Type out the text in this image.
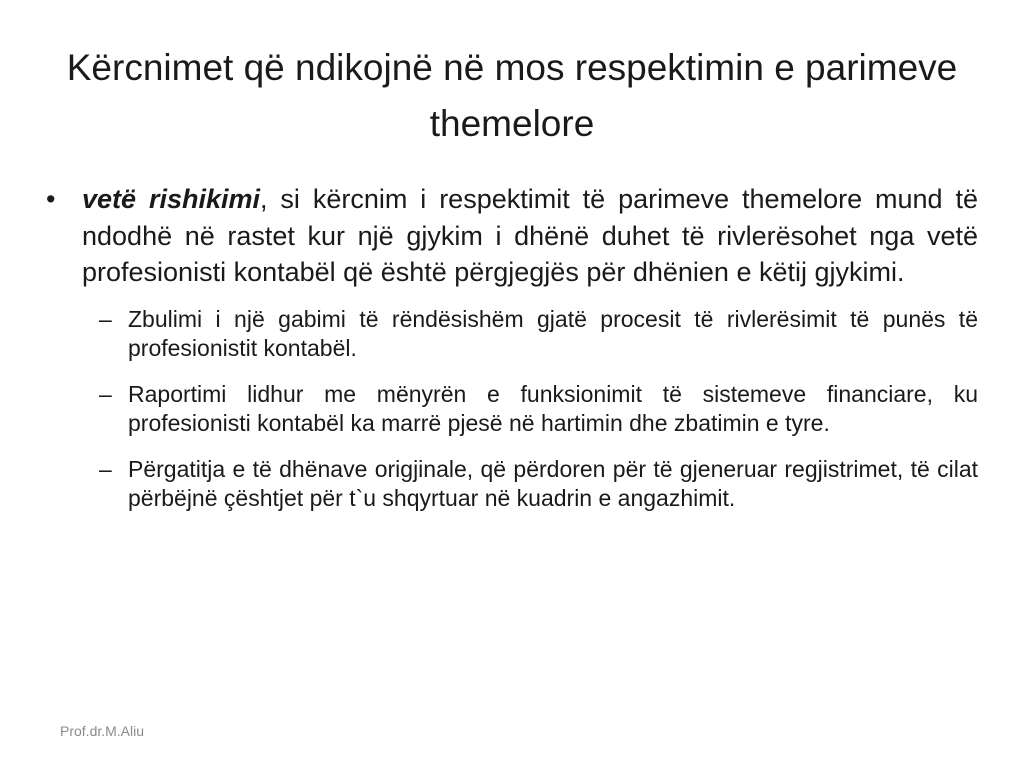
Kërcnimet që ndikojnë në mos respektimin e parimeve themelore

• vetë rishikimi, si kërcnim i respektimit të parimeve themelore mund të ndodhë në rastet kur një gjykim i dhënë duhet të rivlerësohet nga vetë profesionisti kontabël që është përgjegjës për dhënien e këtij gjykimi.

– Zbulimi i një gabimi të rëndësishëm gjatë procesit të rivlerësimit të punës të profesionistit kontabël.

– Raportimi lidhur me mënyrën e funksionimit të sistemeve financiare, ku profesionisti kontabël ka marrë pjesë në hartimin dhe zbatimin e tyre.

– Përgatitja e të dhënave origjinale, që përdoren për të gjeneruar regjistrimet, të cilat përbëjnë çështjet për t`u shqyrtuar në kuadrin e angazhimit.

Prof.dr.M.Aliu
